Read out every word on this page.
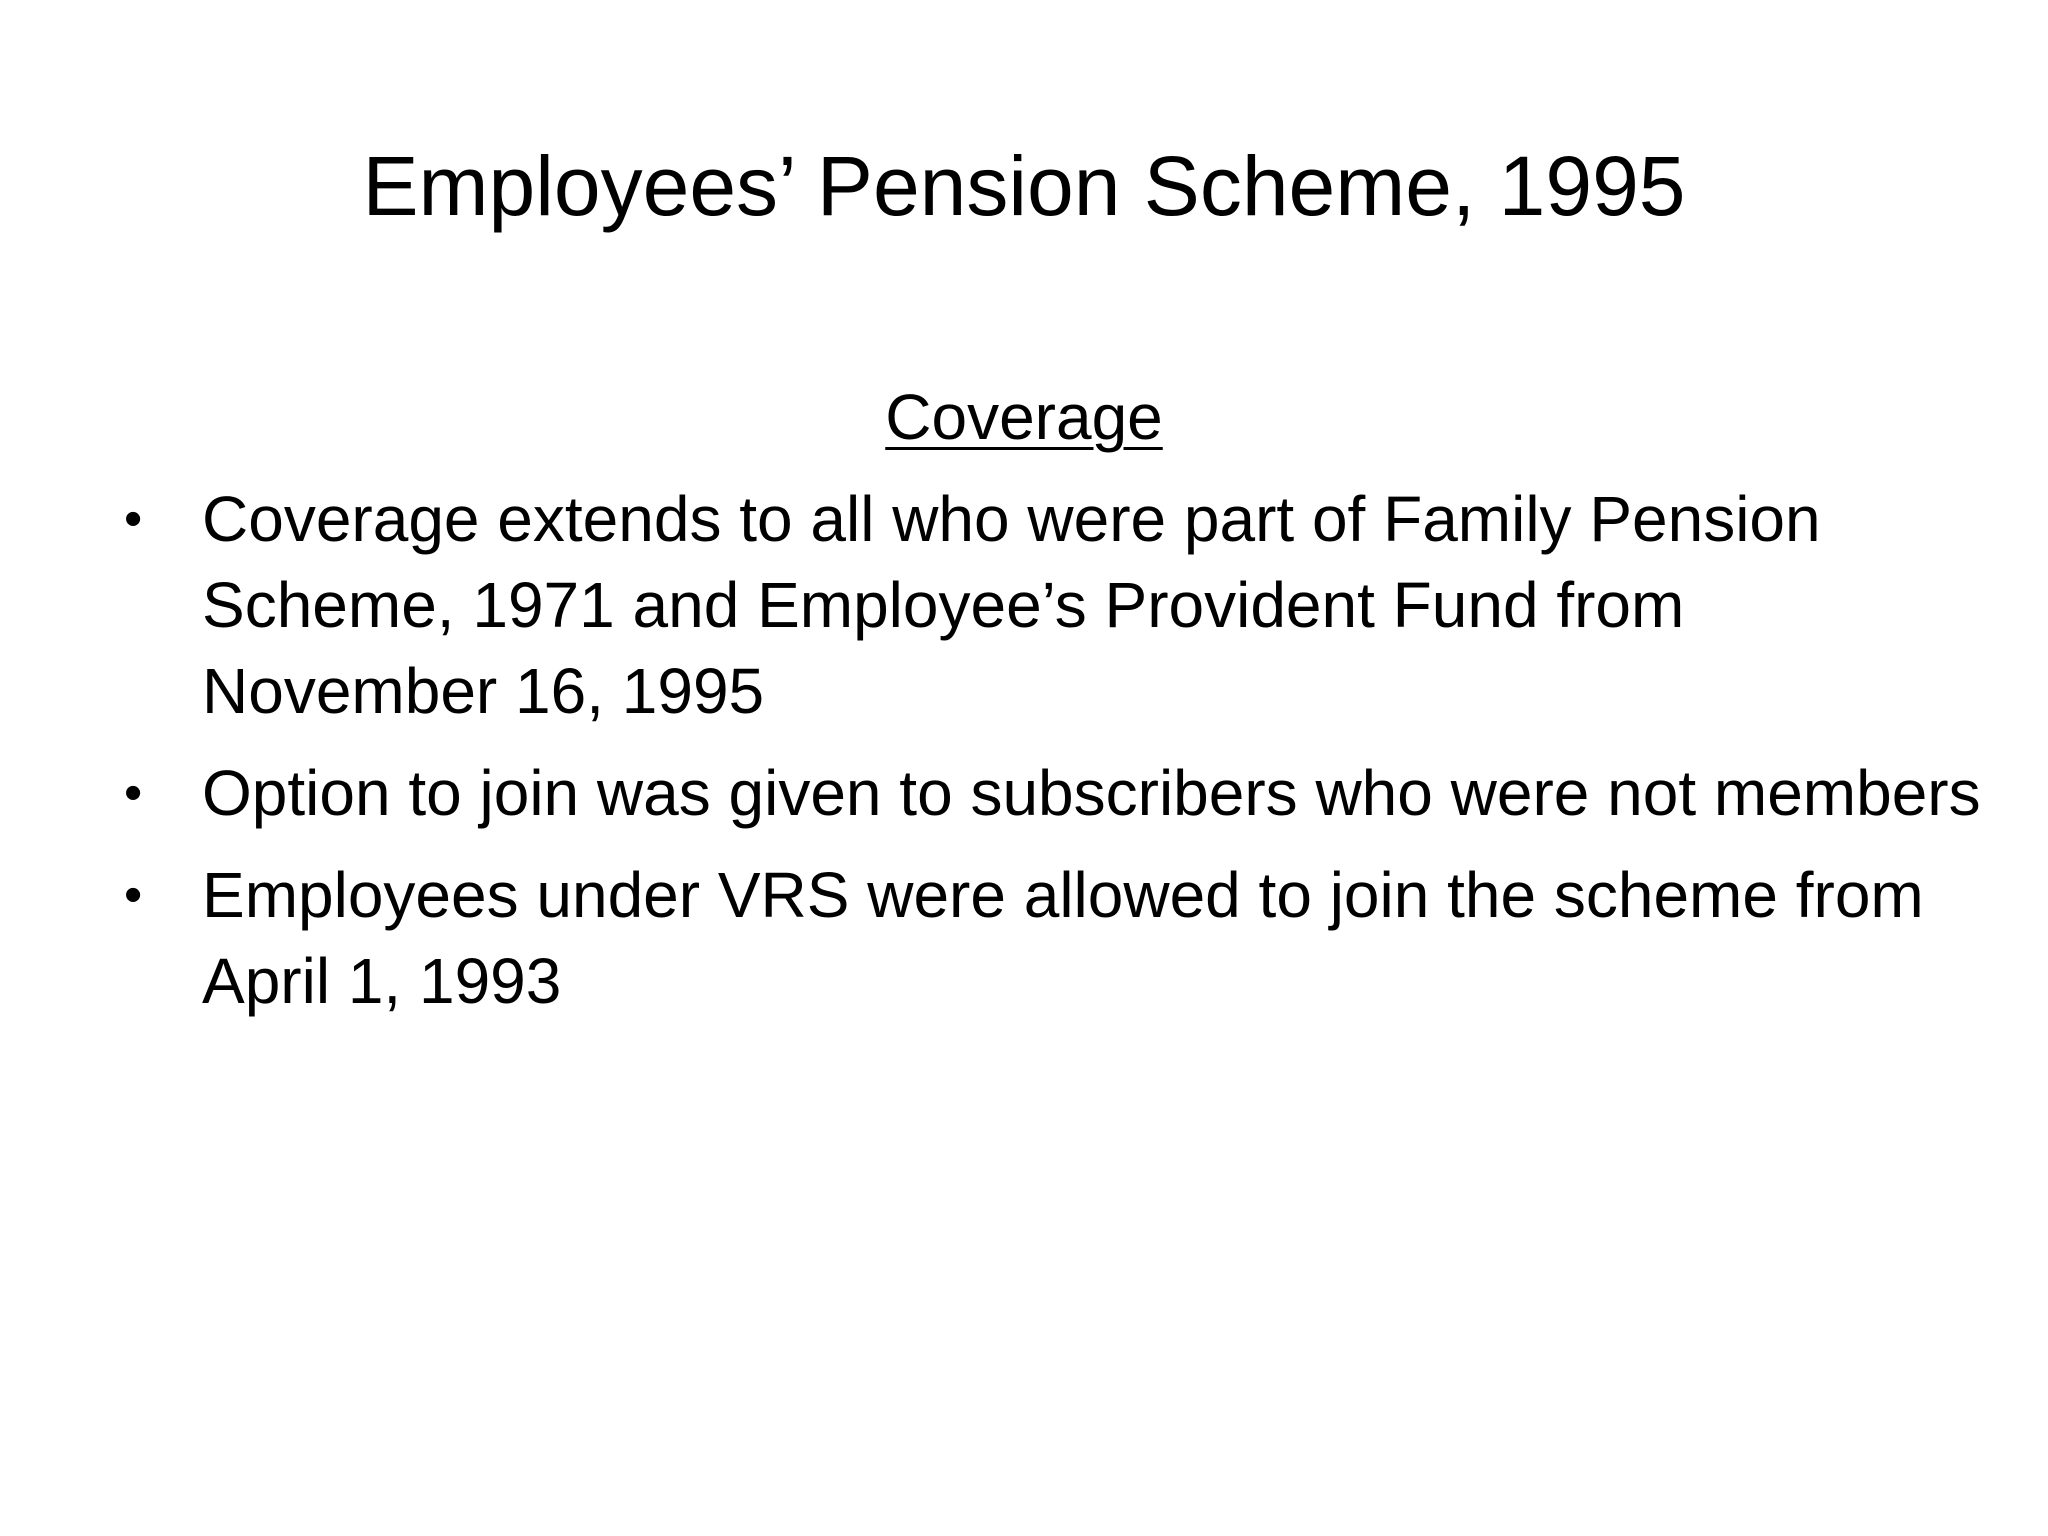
Employees’ Pension Scheme, 1995
Coverage
• Coverage extends to all who were part of Family Pension Scheme, 1971 and Employee’s Provident Fund from November 16, 1995
• Option to join was given to subscribers who were not members
• Employees under VRS were allowed to join the scheme from April 1, 1993
